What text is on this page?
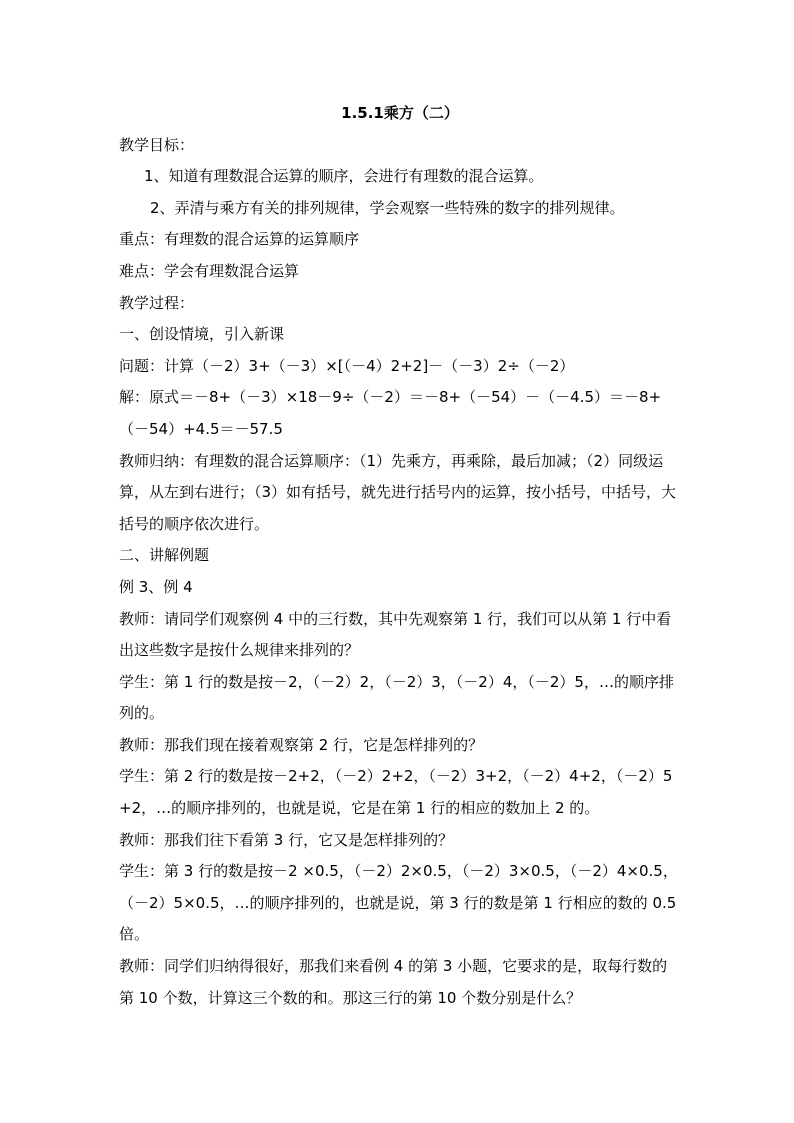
1.5.1乘方（二）

教学目标：

1、知道有理数混合运算的顺序，会进行有理数的混合运算。

2、弄清与乘方有关的排列规律，学会观察一些特殊的数字的排列规律。

重点：有理数的混合运算的运算顺序

难点：学会有理数混合运算

教学过程：

一、创设情境，引入新课

问题：计算（－2）3+（－3）×[（－4）2+2]－（－3）2÷（－2）

解：原式＝－8+（－3）×18－9÷（－2）＝－8+（－54）－（－4.5）＝－8+（－54）+4.5＝－57.5

教师归纳：有理数的混合运算顺序：（1）先乘方，再乘除，最后加减；（2）同级运算，从左到右进行；（3）如有括号，就先进行括号内的运算，按小括号，中括号，大括号的顺序依次进行。

二、讲解例题

例 3、例 4

教师：请同学们观察例 4 中的三行数，其中先观察第 1 行，我们可以从第 1 行中看出这些数字是按什么规律来排列的？

学生：第 1 行的数是按－2，（－2）2，（－2）3，（－2）4，（－2）5，…的顺序排列的。

教师：那我们现在接着观察第 2 行，它是怎样排列的？

学生：第 2 行的数是按－2+2，（－2）2+2，（－2）3+2，（－2）4+2，（－2）5+2，…的顺序排列的，也就是说，它是在第 1 行的相应的数加上 2 的。

教师：那我们往下看第 3 行，它又是怎样排列的？

学生：第 3 行的数是按－2 ×0.5，（－2）2×0.5，（－2）3×0.5，（－2）4×0.5，（－2）5×0.5，…的顺序排列的，也就是说，第 3 行的数是第 1 行相应的数的 0.5 倍。

教师：同学们归纳得很好，那我们来看例 4 的第 3 小题，它要求的是，取每行数的第 10 个数，计算这三个数的和。那这三行的第 10 个数分别是什么？
